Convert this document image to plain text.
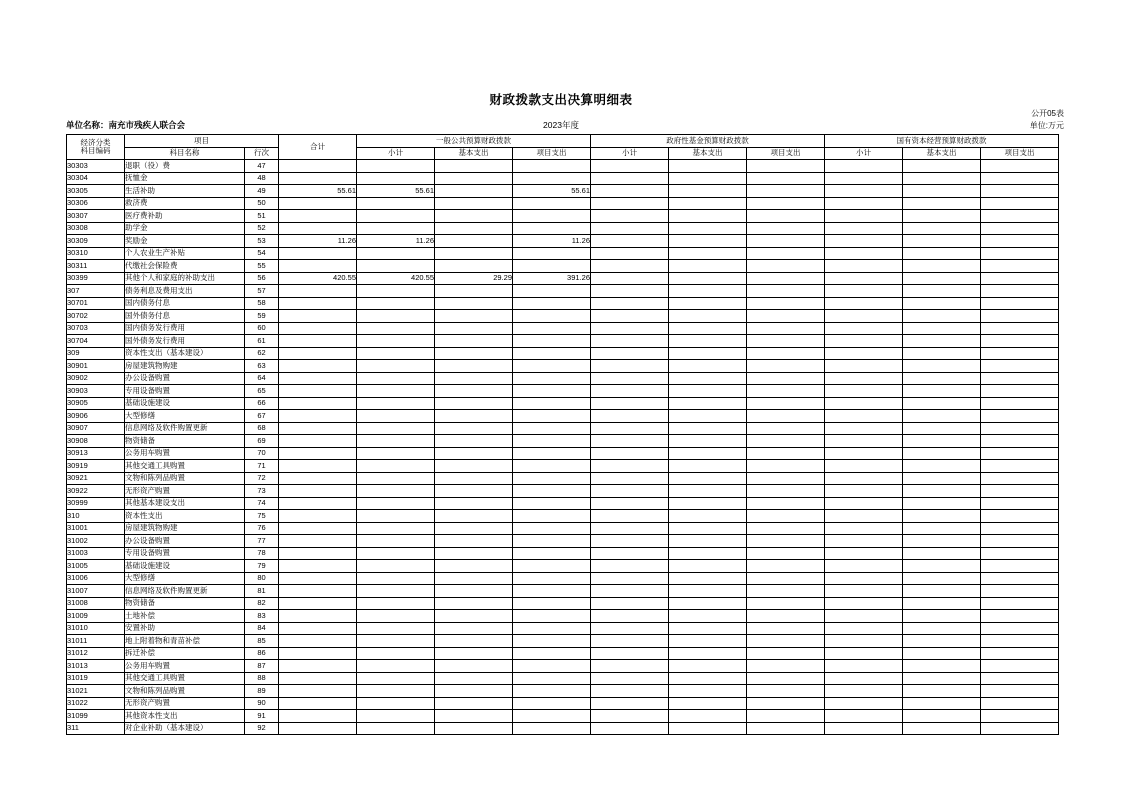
财政拨款支出决算明细表
公开05表
单位:万元
单位名称：南充市残疾人联合会	2023年度
经济分类
科目编码	项目		合计	一般公共预算财政拨款			政府性基金预算财政拨款			国有资本经营预算财政拨款		
	科目名称	行次		小计	基本支出	项目支出	小计	基本支出	项目支出	小计	基本支出	项目支出

30303	退职（役）费	47										
30304	抚恤金	48										
30305	生活补助	49	55.61	55.61		55.61						
30306	救济费	50										
30307	医疗费补助	51										
30308	助学金	52										
30309	奖励金	53	11.26	11.26		11.26						
30310	个人农业生产补贴	54										
30311	代缴社会保险费	55										
30399	其他个人和家庭的补助支出	56	420.55	420.55	29.29	391.26						
307	债务利息及费用支出	57										
30701	国内债务付息	58										
30702	国外债务付息	59										
30703	国内债务发行费用	60										
30704	国外债务发行费用	61										
309	资本性支出（基本建设）	62										
30901	房屋建筑物购建	63										
30902	办公设备购置	64										
30903	专用设备购置	65										
30905	基础设施建设	66										
30906	大型修缮	67										
30907	信息网络及软件购置更新	68										
30908	物资储备	69										
30913	公务用车购置	70										
30919	其他交通工具购置	71										
30921	文物和陈列品购置	72										
30922	无形资产购置	73										
30999	其他基本建设支出	74										
310	资本性支出	75										
31001	房屋建筑物购建	76										
31002	办公设备购置	77										
31003	专用设备购置	78										
31005	基础设施建设	79										
31006	大型修缮	80										
31007	信息网络及软件购置更新	81										
31008	物资储备	82										
31009	土地补偿	83										
31010	安置补助	84										
31011	地上附着物和青苗补偿	85										
31012	拆迁补偿	86										
31013	公务用车购置	87										
31019	其他交通工具购置	88										
31021	文物和陈列品购置	89										
31022	无形资产购置	90										
31099	其他资本性支出	91										
311	对企业补助（基本建设）	92										
